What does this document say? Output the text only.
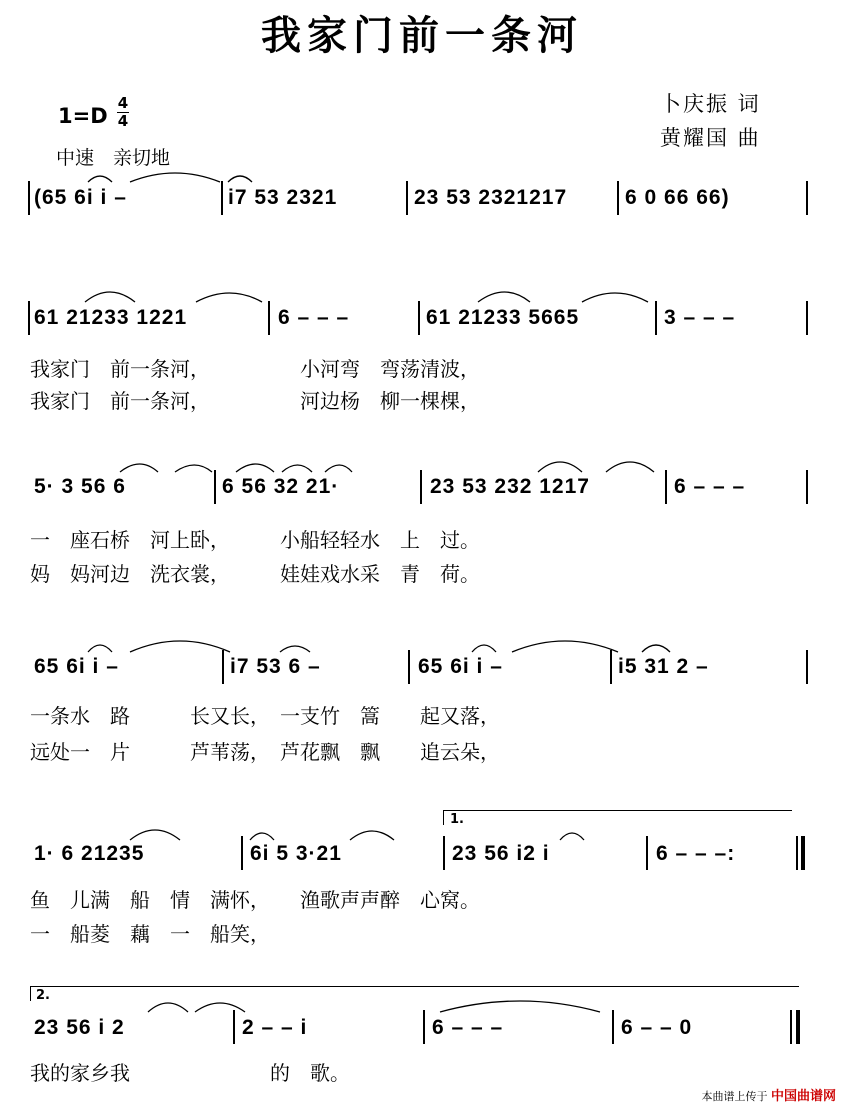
我家门前一条河
1=D
4
4
中速　亲切地
卜庆振 词
黄耀国 曲
(65 6i i –	i7 53 2321	23 53 2321217	6 0 66 66)
61 21233 1221	6 – – –	61 21233 5665	3 – – –
我家门　前一条河，　　　　　小河弯　弯荡清波，
我家门　前一条河，　　　　　河边杨　柳一棵棵，
5· 3 56 6	6 56 32 21·	23 53 232 1217	6 – – –
一　座石桥　河上卧，　　　小船轻轻水　上　过。
妈　妈河边　洗衣裳，　　　娃娃戏水采　青　荷。
65 6i i –	i7 53 6 –	65 6i i –	i5 31 2 –
一条水　路　　　长又长，　一支竹　篙　　起又落，
远处一　片　　　芦苇荡，　芦花飘　飘　　追云朵，
1.
1· 6 21235	6i 5 3·21	23 56 i2 i	6 – – –:
鱼　儿满　船　情　满怀，　　渔歌声声醉　心窝。
一　船菱　藕　一　船笑，
2.
23 56 i 2	2 – – i	6 – – –	6 – – 0
我的家乡我　　　　　　　的　歌。
本曲谱上传于 中国曲谱网
